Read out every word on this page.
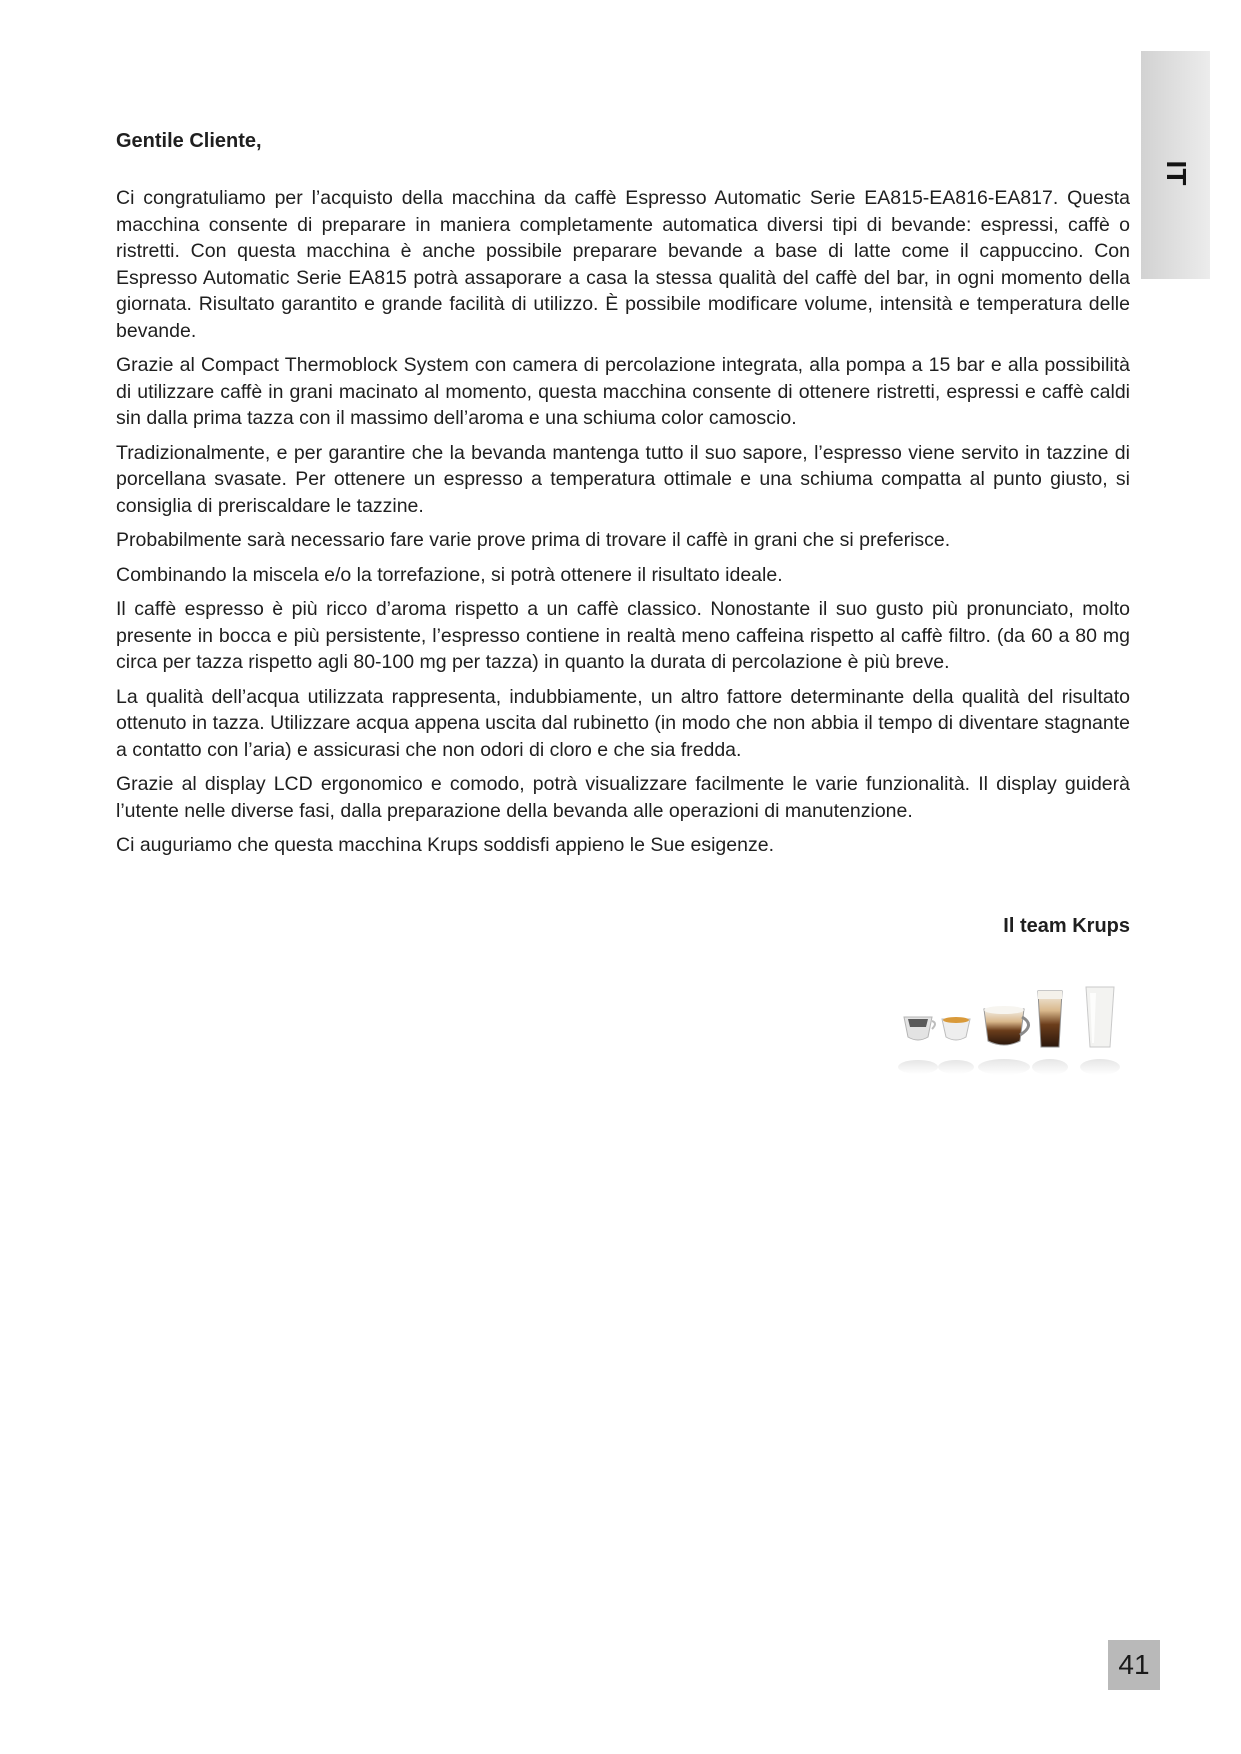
IT

Gentile Cliente,

Ci congratuliamo per l’acquisto della macchina da caffè Espresso Automatic Serie EA815-EA816-EA817. Questa macchina consente di preparare in maniera completamente automatica diversi tipi di bevande: espressi, caffè o ristretti. Con questa macchina è anche possibile preparare bevande a base di latte come il cappuccino. Con Espresso Automatic Serie EA815 potrà assaporare a casa la stessa qualità del caffè del bar, in ogni momento della giornata. Risultato garantito e grande facilità di utilizzo. È possibile modificare volume, intensità e temperatura delle bevande.

Grazie al Compact Thermoblock System con camera di percolazione integrata, alla pompa a 15 bar e alla possibilità di utilizzare caffè in grani macinato al momento, questa macchina consente di ottenere ristretti, espressi e caffè caldi sin dalla prima tazza con il massimo dell’aroma e una schiuma color camoscio.

Tradizionalmente, e per garantire che la bevanda mantenga tutto il suo sapore, l’espresso viene servito in tazzine di porcellana svasate. Per ottenere un espresso a temperatura ottimale e una schiuma compatta al punto giusto, si consiglia di preriscaldare le tazzine.

Probabilmente sarà necessario fare varie prove prima di trovare il caffè in grani che si preferisce.

Combinando la miscela e/o la torrefazione, si potrà ottenere il risultato ideale.

Il caffè espresso è più ricco d’aroma rispetto a un caffè classico. Nonostante il suo gusto più pronunciato, molto presente in bocca e più persistente, l’espresso contiene in realtà meno caffeina rispetto al caffè filtro. (da 60 a 80 mg circa per tazza rispetto agli 80-100 mg per tazza) in quanto la durata di percolazione è più breve.

La qualità dell’acqua utilizzata rappresenta, indubbiamente, un altro fattore determinante della qualità del risultato ottenuto in tazza. Utilizzare acqua appena uscita dal rubinetto (in modo che non abbia il tempo di diventare stagnante a contatto con l’aria) e assicurasi che non odori di cloro e che sia fredda.

Grazie al display LCD ergonomico e comodo, potrà visualizzare facilmente le varie funzionalità. Il display guiderà l’utente nelle diverse fasi, dalla preparazione della bevanda alle operazioni di manutenzione.

Ci auguriamo che questa macchina Krups soddisfi appieno le Sue esigenze.

Il team Krups

41
